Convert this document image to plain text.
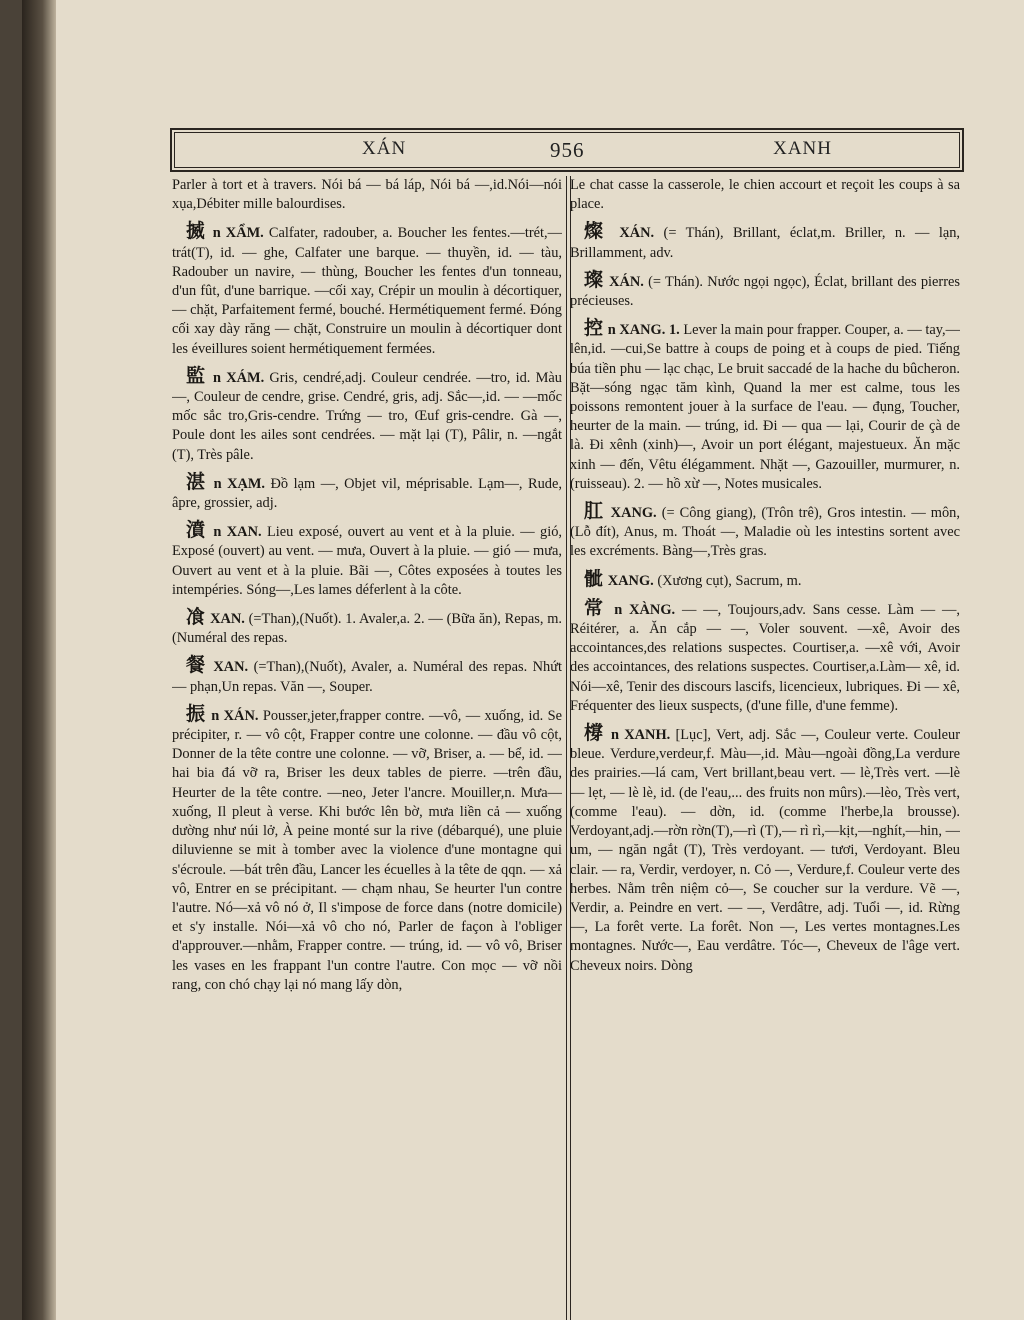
XÁN	956	XANH

Parler à tort et à travers. Nói bá — bá láp, Nói bá —,id.Nói—nói xụa,Débiter mille balourdises.

揻 n XẨM. Calfater, radouber, a. Boucher les fentes.—trét,— trát(T), id. — ghe, Calfater une barque. — thuyền, id. — tàu, Radouber un navire, — thùng, Boucher les fentes d'un tonneau, d'un fût, d'une barrique. —cối xay, Crépir un moulin à décortiquer, — chặt, Parfaitement fermé, bouché. Hermétiquement fermé. Đóng cối xay dày răng — chặt, Construire un moulin à décortiquer dont les éveillures soient hermétiquement fermées.

監 n XÁM. Gris, cendré,adj. Couleur cendrée. —tro, id. Màu—, Couleur de cendre, grise. Cendré, gris, adj. Sắc—,id. — —mốc mốc sắc tro,Gris-cendre. Trứng — tro, Œuf gris-cendre. Gà —, Poule dont les ailes sont cendrées. — mặt lại (T), Pâlir, n. —ngắt (T), Très pâle.

湛 n XẠM. Đồ lạm —, Objet vil, méprisable. Lạm—, Rude, âpre, grossier, adj.

濆 n XAN. Lieu exposé, ouvert au vent et à la pluie. — gió, Exposé (ouvert) au vent. — mưa, Ouvert à la pluie. — gió — mưa, Ouvert au vent et à la pluie. Bãi —, Côtes exposées à toutes les intempéries. Sóng—,Les lames déferlent à la côte.

飡 XAN. (=Than),(Nuốt). 1. Avaler,a. 2. — (Bữa ăn), Repas, m. (Numéral des repas.

餐 XAN. (=Than),(Nuốt), Avaler, a. Numéral des repas. Nhứt — phạn,Un repas. Văn —, Souper.

振 n XÁN. Pousser,jeter,frapper contre. —vô, — xuống, id. Se précipiter, r. — vô cột, Frapper contre une colonne. — đầu vô cột, Donner de la tête contre une colonne. — vỡ, Briser, a. — bể, id. —hai bia đá vỡ ra, Briser les deux tables de pierre. —trên đầu, Heurter de la tête contre. —neo, Jeter l'ancre. Mouiller,n. Mưa—xuống, Il pleut à verse. Khi bước lên bờ, mưa liền cả — xuống dường như núi lở, À peine monté sur la rive (débarqué), une pluie diluvienne se mit à tomber avec la violence d'une montagne qui s'écroule. —bát trên đầu, Lancer les écuelles à la tête de qqn. — xả vô, Entrer en se précipitant. — chạm nhau, Se heurter l'un contre l'autre. Nó—xả vô nó ở, Il s'impose de force dans (notre domicile) et s'y installe. Nói—xả vô cho nó, Parler de façon à l'obliger d'approuver.—nhằm, Frapper contre. — trúng, id. — vô vô, Briser les vases en les frappant l'un contre l'autre. Con mọc — vỡ nồi rang, con chó chạy lại nó mang lấy dòn,

Le chat casse la casserole, le chien accourt et reçoit les coups à sa place.

燦 XÁN. (= Thán), Brillant, éclat,m. Briller, n. — lạn, Brillamment, adv.

璨 XÁN. (= Thán). Nước ngọi ngọc), Éclat, brillant des pierres précieuses.

控 n XANG. 1. Lever la main pour frapper. Couper, a. — tay,—lên,id. —cui,Se battre à coups de poing et à coups de pied. Tiếng búa tiền phu — lạc chạc, Le bruit saccadé de la hache du bûcheron. Bặt—sóng ngạc tăm kình, Quand la mer est calme, tous les poissons remontent jouer à la surface de l'eau. — đụng, Toucher, heurter de la main. — trúng, id. Đi — qua — lại, Courir de çà de là. Đi xênh (xinh)—, Avoir un port élégant, majestueux. Ăn mặc xinh — đến, Vêtu élégamment. Nhặt —, Gazouiller, murmurer, n. (ruisseau). 2. — hồ xừ —, Notes musicales.

肛 XANG. (= Công giang), (Trôn trê), Gros intestin. — môn,(Lỗ đít), Anus, m. Thoát —, Maladie où les intestins sortent avec les excréments. Bàng—,Très gras.

骴 XANG. (Xương cụt), Sacrum, m.

常 n XÀNG. — —, Toujours,adv. Sans cesse. Làm — —, Réitérer, a. Ăn cắp — —, Voler souvent. —xê, Avoir des accointances,des relations suspectes. Courtiser,a. —xê với, Avoir des accointances, des relations suspectes. Courtiser,a.Làm— xê, id. Nói—xê, Tenir des discours lascifs, licencieux, lubriques. Đi — xê, Fréquenter des lieux suspects, (d'une fille, d'une femme).

橕 n XANH. [Lục], Vert, adj. Sắc —, Couleur verte. Couleur bleue. Verdure,verdeur,f. Màu—,id. Màu—ngoài đồng,La verdure des prairies.—lá cam, Vert brillant,beau vert. — lè,Très vert. —lè— lẹt, — lè lè, id. (de l'eau,... des fruits non mûrs).—lèo, Très vert, (comme l'eau). — dờn, id. (comme l'herbe,la brousse). Verdoyant,adj.—rờn rờn(T),—rì (T),— rì rì,—kịt,—nghít,—hin, —um, — ngăn ngắt (T), Très verdoyant. — tươi, Verdoyant. Bleu clair. — ra, Verdir, verdoyer, n. Cỏ —, Verdure,f. Couleur verte des herbes. Nằm trên niệm cỏ—, Se coucher sur la verdure. Vẽ —, Verdir, a. Peindre en vert. — —, Verdâtre, adj. Tuổi —, id. Rừng —, La forêt verte. La forêt. Non —, Les vertes montagnes.Les montagnes. Nước—, Eau verdâtre. Tóc—, Cheveux de l'âge vert. Cheveux noirs. Dòng
